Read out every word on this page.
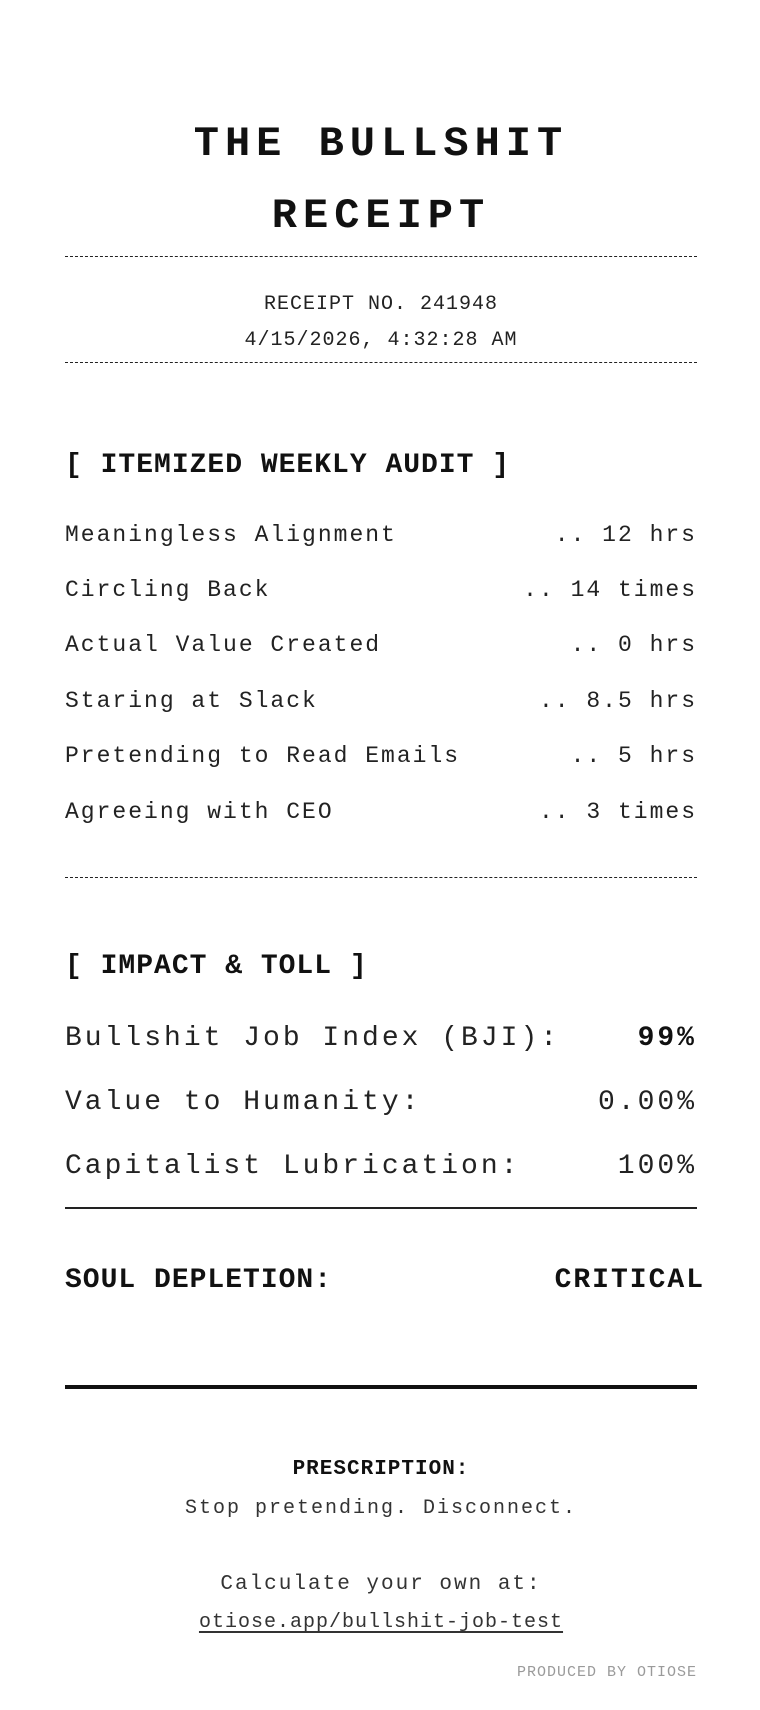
THE BULLSHIT
RECEIPT
RECEIPT NO. 241948
4/15/2026, 4:32:28 AM
[ ITEMIZED WEEKLY AUDIT ]
Meaningless Alignment	.. 12 hrs
Circling Back	.. 14 times
Actual Value Created	.. 0 hrs
Staring at Slack	.. 8.5 hrs
Pretending to Read Emails	.. 5 hrs
Agreeing with CEO	.. 3 times
[ IMPACT & TOLL ]
Bullshit Job Index (BJI):	99%
Value to Humanity:	0.00%
Capitalist Lubrication:	100%
SOUL DEPLETION:	CRITICAL
PRESCRIPTION:
Stop pretending. Disconnect.
Calculate your own at:
otiose.app/bullshit-job-test
PRODUCED BY OTIOSE
